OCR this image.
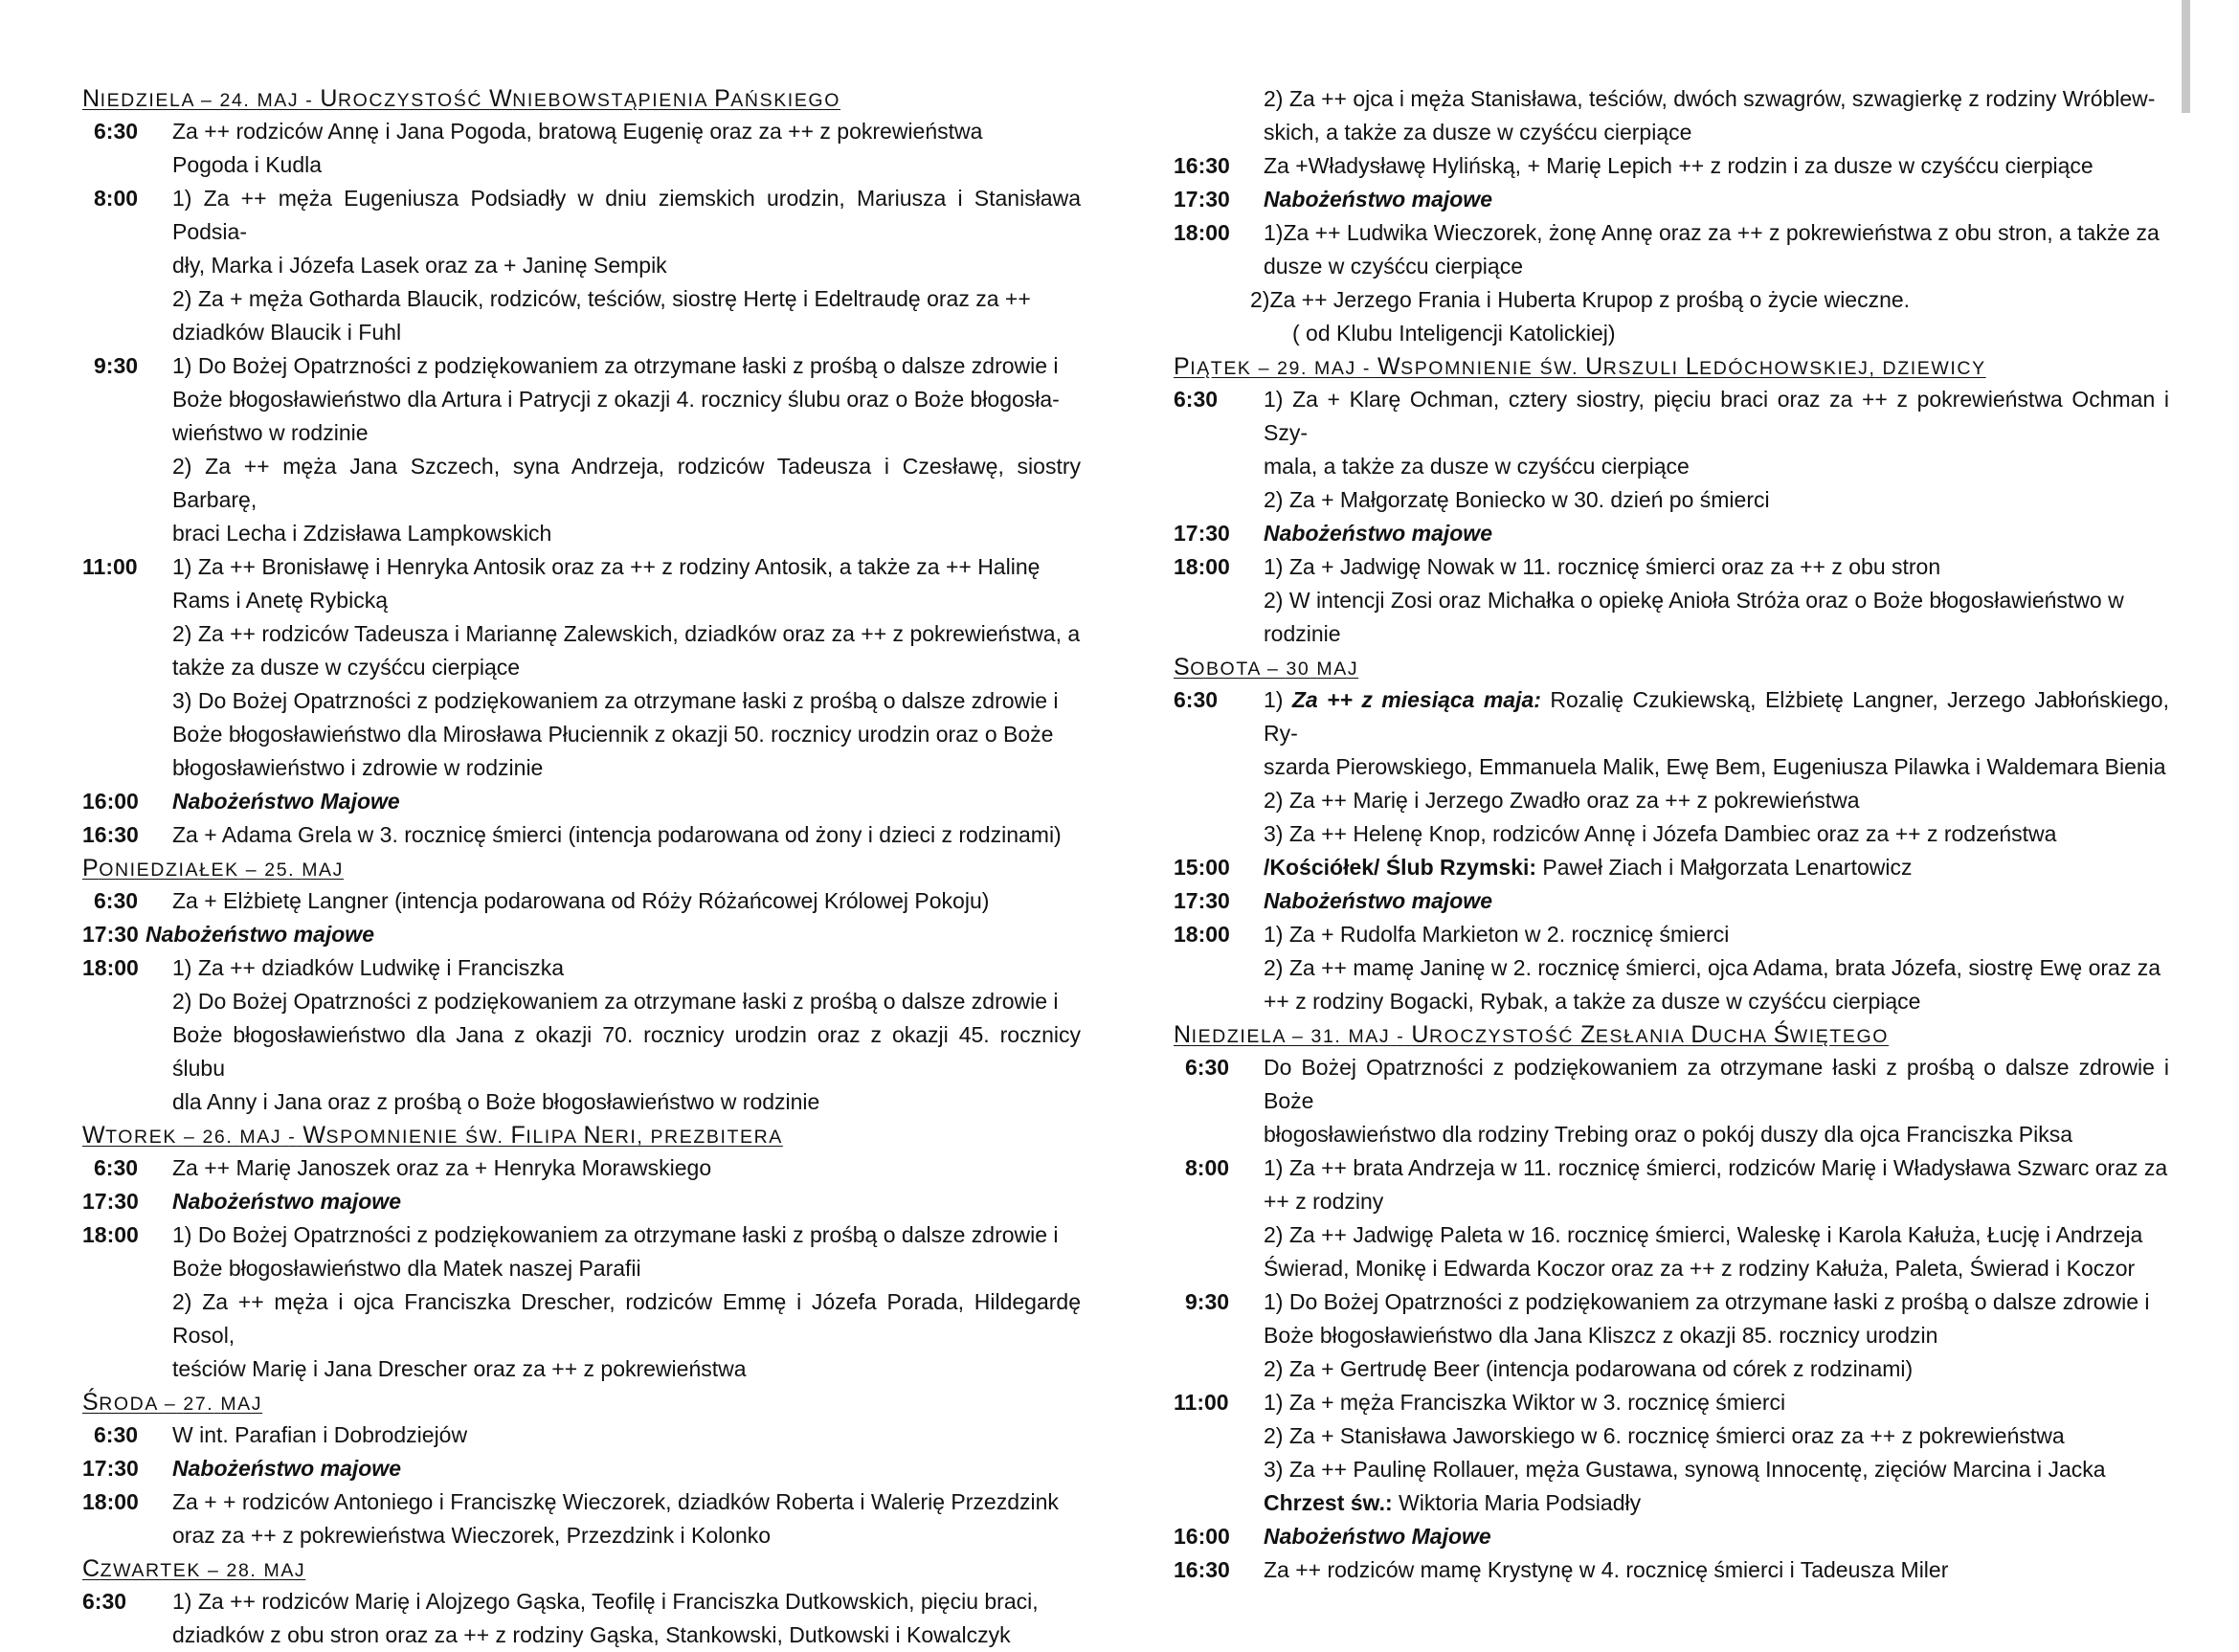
NIEDZIELA – 24. MAJ - UROCZYSTOŚĆ WNIEBOWSTĄPIENIA PAŃSKIEGO
6:30	Za ++ rodziców Annę i Jana Pogoda, bratową Eugenię oraz za ++ z pokrewieństwa
Pogoda i Kudla
8:00	1) Za ++ męża Eugeniusza Podsiadły w dniu ziemskich urodzin, Mariusza i Stanisława Podsia-
dły, Marka i Józefa Lasek oraz za + Janinę Sempik
2) Za + męża Gotharda Blaucik, rodziców, teściów, siostrę Hertę i Edeltraudę oraz za ++
dziadków Blaucik i Fuhl
9:30	1) Do Bożej Opatrzności z podziękowaniem za otrzymane łaski z prośbą o dalsze zdrowie i
Boże błogosławieństwo dla Artura i Patrycji z okazji 4. rocznicy ślubu oraz o Boże błogosła-
wieństwo w rodzinie
2) Za ++ męża Jana Szczech, syna Andrzeja, rodziców Tadeusza i Czesławę, siostry Barbarę,
braci Lecha i Zdzisława Lampkowskich
11:00	1) Za ++ Bronisławę i Henryka Antosik oraz za ++ z rodziny Antosik, a także za ++ Halinę
Rams i Anetę Rybicką
2) Za ++ rodziców Tadeusza i Mariannę Zalewskich, dziadków oraz za ++ z pokrewieństwa, a
także za dusze w czyśćcu cierpiące
3) Do Bożej Opatrzności z podziękowaniem za otrzymane łaski z prośbą o dalsze zdrowie i
Boże błogosławieństwo dla Mirosława Płuciennik z okazji 50. rocznicy urodzin oraz o Boże
błogosławieństwo i zdrowie w rodzinie
16:00	Nabożeństwo Majowe
16:30	Za + Adama Grela w 3. rocznicę śmierci (intencja podarowana od żony i dzieci z rodzinami)
PONIEDZIAŁEK – 25. MAJ
6:30	Za + Elżbietę Langner (intencja podarowana od Róży Różańcowej Królowej Pokoju)
17:30 Nabożeństwo majowe
18:00	1) Za ++ dziadków Ludwikę i Franciszka
2) Do Bożej Opatrzności z podziękowaniem za otrzymane łaski z prośbą o dalsze zdrowie i
Boże błogosławieństwo dla Jana z okazji 70. rocznicy urodzin oraz z okazji 45. rocznicy ślubu
dla Anny i Jana oraz z prośbą o Boże błogosławieństwo w rodzinie
WTOREK – 26. MAJ - WSPOMNIENIE ŚW. FILIPA NERI, PREZBITERA
6:30	Za ++ Marię Janoszek oraz za + Henryka Morawskiego
17:30	Nabożeństwo majowe
18:00	1) Do Bożej Opatrzności z podziękowaniem za otrzymane łaski z prośbą o dalsze zdrowie i
Boże błogosławieństwo dla Matek naszej Parafii
2) Za ++ męża i ojca Franciszka Drescher, rodziców Emmę i Józefa Porada, Hildegardę Rosol,
teściów Marię i Jana Drescher oraz za ++ z pokrewieństwa
ŚRODA – 27. MAJ
6:30	W int. Parafian i Dobrodziejów
17:30	Nabożeństwo majowe
18:00	Za + + rodziców Antoniego i Franciszkę Wieczorek, dziadków Roberta i Walerię Przezdzink
oraz za ++ z pokrewieństwa Wieczorek, Przezdzink i Kolonko
CZWARTEK – 28. MAJ
6:30	1) Za ++ rodziców Marię i Alojzego Gąska, Teofilę i Franciszka Dutkowskich, pięciu braci,
dziadków z obu stron oraz za ++ z rodziny Gąska, Stankowski, Dutkowski i Kowalczyk
2) Za ++ ojca i męża Stanisława, teściów, dwóch szwagrów, szwagierkę z rodziny Wróblew-
skich, a także za dusze w czyśćcu cierpiące
16:30	Za +Władysławę Hylińską, + Marię Lepich ++ z rodzin i za dusze w czyśćcu cierpiące
17:30	Nabożeństwo majowe
18:00	1)Za ++ Ludwika Wieczorek, żonę Annę oraz za ++ z pokrewieństwa z obu stron, a także za
dusze w czyśćcu cierpiące
2)Za ++ Jerzego Frania i Huberta Krupop z prośbą o życie wieczne.
( od Klubu Inteligencji Katolickiej)
PIĄTEK – 29. MAJ - WSPOMNIENIE ŚW. URSZULI LEDÓCHOWSKIEJ, DZIEWICY
6:30	1) Za + Klarę Ochman, cztery siostry, pięciu braci oraz za ++ z pokrewieństwa Ochman i Szy-
mala, a także za dusze w czyśćcu cierpiące
2) Za + Małgorzatę Boniecko w 30. dzień po śmierci
17:30	Nabożeństwo majowe
18:00	1) Za + Jadwigę Nowak w 11. rocznicę śmierci oraz za ++ z obu stron
2) W intencji Zosi oraz Michałka o opiekę Anioła Stróża oraz o Boże błogosławieństwo w
rodzinie
SOBOTA – 30 MAJ
6:30	1) Za ++ z miesiąca maja: Rozalię Czukiewską, Elżbietę Langner, Jerzego Jabłońskiego, Ry-
szarda Pierowskiego, Emmanuela Malik, Ewę Bem, Eugeniusza Pilawka i Waldemara Bienia
2) Za ++ Marię i Jerzego Zwadło oraz za ++ z pokrewieństwa
3) Za ++ Helenę Knop, rodziców Annę i Józefa Dambiec oraz za ++ z rodzeństwa
15:00	/Kościółek/ Ślub Rzymski: Paweł Ziach i Małgorzata Lenartowicz
17:30	Nabożeństwo majowe
18:00	1) Za + Rudolfa Markieton w 2. rocznicę śmierci
2) Za ++ mamę Janinę w 2. rocznicę śmierci, ojca Adama, brata Józefa, siostrę Ewę oraz za
++ z rodziny Bogacki, Rybak, a także za dusze w czyśćcu cierpiące
NIEDZIELA – 31. MAJ - UROCZYSTOŚĆ ZESŁANIA DUCHA ŚWIĘTEGO
6:30	Do Bożej Opatrzności z podziękowaniem za otrzymane łaski z prośbą o dalsze zdrowie i Boże
błogosławieństwo dla rodziny Trebing oraz o pokój duszy dla ojca Franciszka Piksa
8:00	1) Za ++ brata Andrzeja w 11. rocznicę śmierci, rodziców Marię i Władysława Szwarc oraz za
++ z rodziny
2) Za ++ Jadwigę Paleta w 16. rocznicę śmierci, Waleskę i Karola Kałuża, Łucję i Andrzeja
Świerad, Monikę i Edwarda Koczor oraz za ++ z rodziny Kałuża, Paleta, Świerad i Koczor
9:30	1) Do Bożej Opatrzności z podziękowaniem za otrzymane łaski z prośbą o dalsze zdrowie i
Boże błogosławieństwo dla Jana Kliszcz z okazji 85. rocznicy urodzin
2) Za + Gertrudę Beer (intencja podarowana od córek z rodzinami)
11:00	1) Za + męża Franciszka Wiktor w 3. rocznicę śmierci
2) Za + Stanisława Jaworskiego w 6. rocznicę śmierci oraz za ++ z pokrewieństwa
3) Za ++ Paulinę Rollauer, męża Gustawa, synową Innocentę, zięciów Marcina i Jacka
Chrzest św.: Wiktoria Maria Podsiadły
16:00	Nabożeństwo Majowe
16:30	Za ++ rodziców mamę Krystynę w 4. rocznicę śmierci i Tadeusza Miler
